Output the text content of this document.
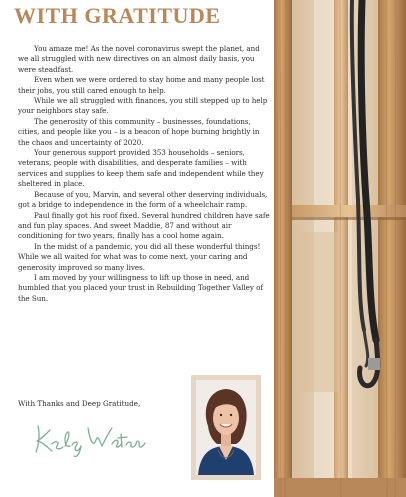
WITH GRATITUDE

You amaze me! As the novel coronavirus swept the planet, and we all struggled with new directives on an almost daily basis, you were steadfast.

Even when we were ordered to stay home and many people lost their jobs, you still cared enough to help.

While we all struggled with finances, you still stepped up to help your neighbors stay safe.

The generosity of this community – businesses, foundations, cities, and people like you – is a beacon of hope burning brightly in the chaos and uncertainty of 2020.

Your generous support provided 353 households – seniors, veterans, people with disabilities, and desperate families – with services and supplies to keep them safe and independent while they sheltered in place.

Because of you, Marvin, and several other deserving individuals, got a bridge to independence in the form of a wheelchair ramp.

Paul finally got his roof fixed. Several hundred children have safe and fun play spaces. And sweet Maddie, 87 and without air conditioning for two years, finally has a cool home again.

In the midst of a pandemic, you did all these wonderful things! While we all waited for what was to come next, your caring and generosity improved so many lives.

I am moved by your willingness to lift up those in need, and humbled that you placed your trust in Rebuilding Together Valley of the Sun.

With Thanks and Deep Gratitude,
